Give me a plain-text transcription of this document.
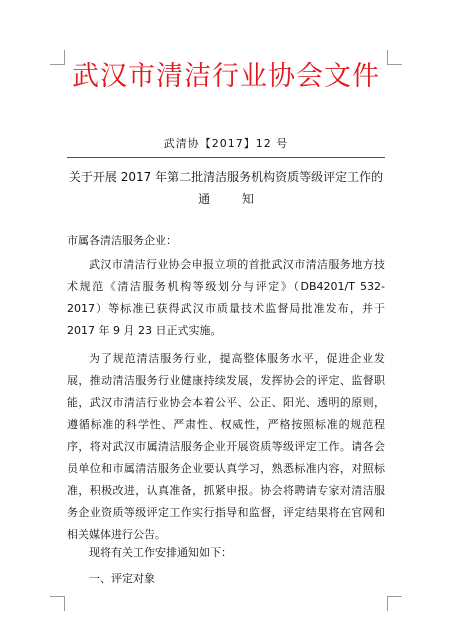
武汉市清洁行业协会文件
武清协【2017】12 号
关于开展 2017 年第二批清洁服务机构资质等级评定工作的
通 知
市属各清洁服务企业：
武汉市清洁行业协会申报立项的首批武汉市清洁服务地方技术规范《清洁服务机构等级划分与评定》（DB4201/T 532-2017）等标准已获得武汉市质量技术监督局批准发布，并于 2017 年 9 月 23 日正式实施。
为了规范清洁服务行业，提高整体服务水平，促进企业发展，推动清洁服务行业健康持续发展，发挥协会的评定、监督职能，武汉市清洁行业协会本着公平、公正、阳光、透明的原则，遵循标准的科学性、严肃性、权威性，严格按照标准的规范程序，将对武汉市属清洁服务企业开展资质等级评定工作。请各会员单位和市属清洁服务企业要认真学习，熟悉标准内容，对照标准，积极改进，认真准备，抓紧申报。协会将聘请专家对清洁服务企业资质等级评定工作实行指导和监督，评定结果将在官网和相关媒体进行公告。
现将有关工作安排通知如下：
一、评定对象
